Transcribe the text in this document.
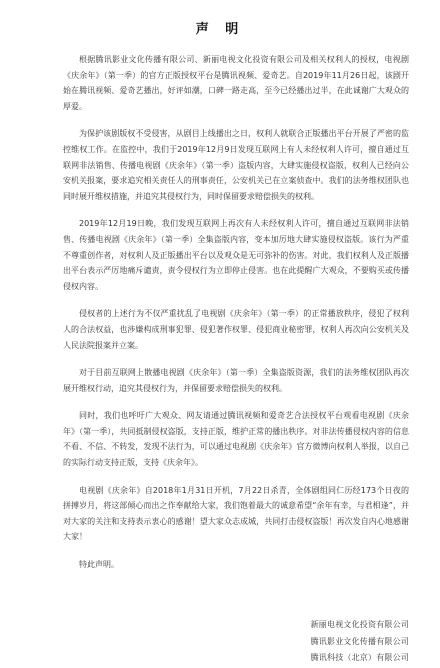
声 明

根据腾讯影业文化传播有限公司、新丽电视文化投资有限公司及相关权利人的授权，电视剧《庆余年》（第一季）的官方正版授权平台是腾讯视频、爱奇艺。自2019年11月26日起，该剧开始在腾讯视频、爱奇艺播出，好评如潮，口碑一路走高，至今已经播出过半，在此诚谢广大观众的厚爱。

为保护该剧版权不受侵害，从剧目上线播出之日，权利人就联合正版播出平台开展了严密的监控维权工作。在监控中，我们于2019年12月9日发现互联网上有人未经权利人许可，擅自通过互联网非法销售、传播电视剧《庆余年》（第一季）盗版内容，大肆实施侵权盗版，权利人已经向公安机关报案，要求追究相关责任人的刑事责任，公安机关已在立案侦查中。我们的法务维权团队也同时展开维权措施，并追究其侵权行为，同时保留要求赔偿损失的权利。

2019年12月19日晚，我们发现互联网上再次有人未经权利人许可，擅自通过互联网非法销售、传播电视剧《庆余年》（第一季）全集盗版内容，变本加厉地大肆实施侵权盗版。该行为严重不尊重创作者，对权利人及正版播出平台以及观众是无可弥补的伤害。对此，我们权利人及正版播出平台表示严厉地痛斥谴责，责令侵权行为立即停止侵害。也在此提醒广大观众，不要购买或传播侵权内容。

侵权者的上述行为不仅严重扰乱了电视剧《庆余年》（第一季）的正常播放秩序，侵犯了权利人的合法权益，也涉嫌构成刑事犯罪、侵犯著作权罪、侵犯商业秘密罪，权利人再次向公安机关及人民法院报案并立案。

对于目前互联网上散播电视剧《庆余年》（第一季）全集盗版资源，我们的法务维权团队再次展开维权行动，追究其侵权行为，并保留要求赔偿损失的权利。

同时，我们也呼吁广大观众、网友请通过腾讯视频和爱奇艺合法授权平台观看电视剧《庆余年》（第一季），共同抵制侵权盗版，支持正版，维护正常的播出秩序。对非法传播侵权内容的信息不看、不信、不转发，发现不法行为，可以通过电视剧《庆余年》官方微博向权利人举报，以自己的实际行动支持正版，支持《庆余年》。

电视剧《庆余年》自2018年1月31日开机，7月22日杀青，全体剧组同仁历经173个日夜的拼搏岁月，将这部倾心而出之作奉献给大家，我们饱着最大的诚意希望“余年有幸，与君相逢”，并对大家的关注和支持表示衷心的感谢！望大家众志成城，共同打击侵权盗版！再次发自内心地感谢大家！

特此声明。

新丽电视文化投资有限公司
腾讯影业文化传播有限公司
腾讯科技（北京）有限公司
